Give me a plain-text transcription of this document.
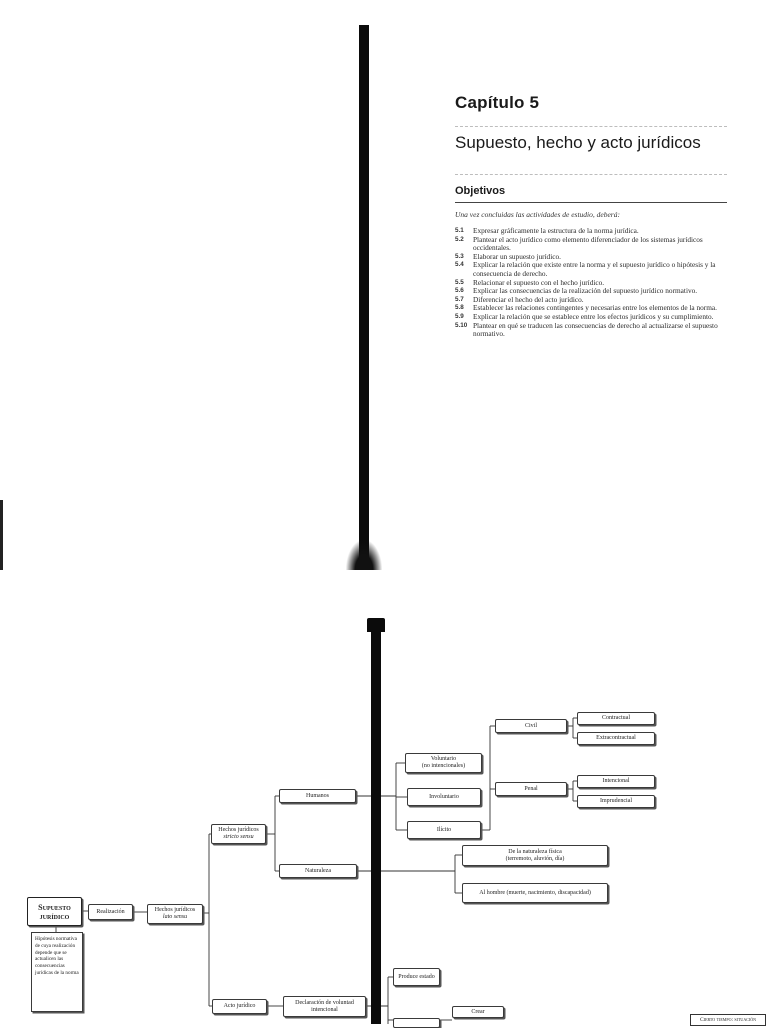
Capítulo 5
Supuesto, hecho y acto jurídicos
Objetivos
Una vez concluidas las actividades de estudio, deberá:
5.1 Expresar gráficamente la estructura de la norma jurídica.
5.2 Plantear el acto jurídico como elemento diferenciador de los sistemas jurídicos occidentales.
5.3 Elaborar un supuesto jurídico.
5.4 Explicar la relación que existe entre la norma y el supuesto jurídico o hipótesis y la consecuencia de derecho.
5.5 Relacionar el supuesto con el hecho jurídico.
5.6 Explicar las consecuencias de la realización del supuesto jurídico normativo.
5.7 Diferenciar el hecho del acto jurídico.
5.8 Establecer las relaciones contingentes y necesarias entre los elementos de la norma.
5.9 Explicar la relación que se establece entre los efectos jurídicos y su cumplimiento.
5.10 Plantear en qué se traducen las consecuencias de derecho al actualizarse el supuesto normativo.
Supuesto jurídico
Hipótesis normativa de cuya realización depende que se actualicen las consecuencias jurídicas de la norma
Realización	Hechos jurídicos
lato sensu
Hechos jurídicos
stricto sensu
Humanos
Naturaleza
Acto jurídico
Declaración de voluntad intencional
Voluntario
(no intencionales)
Involuntario
Ilícito
Civil
Penal
Contractual
Extracontractual
Intencional
Imprudencial
De la naturaleza física
(terremoto, aluvión, día)
Al hombre (muerte, nacimiento, discapacidad)
Produce estado
Crear
Cierto tiempo: situación
